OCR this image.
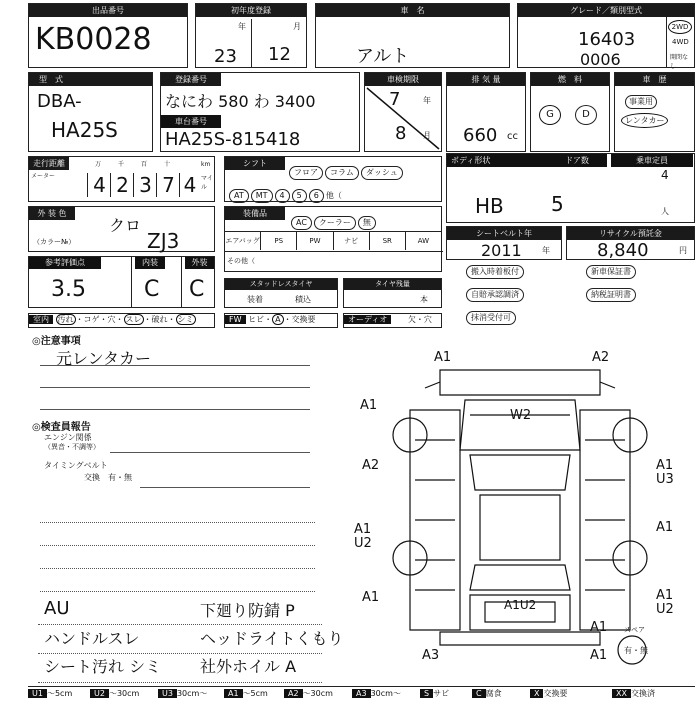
出品番号
KB0028
初年度登録
年	月
23 12
車　名
アルト
グレード／類別型式
16403
0006
2WD
4WD
開閉なし
型　式
DBA-
HA25S
登録番号
なにわ 580 わ 3400
車台番号
HA25S-815418
車検期限
7	年
8 月
排 気 量
660 cc
燃　料
G	D
車　歴
事業用
レンタカー
走行距離
メーター
万	千	百	十	km
マイル
4 2 3 7 4
シフト
フロア コラム ダッシュ
AT MT 4 5 6 他（
ボディ形状	ドア数	乗車定員
HB 5
4
人
外 装 色
クロ
（カラー№）	ZJ3
装備品
AC クーラー 無
エアバッグ	PS	PW	ナビ	SR	AW
その他（
シートベルト年
2011	年
リサイクル預託金
8,840	円
参考評価点	内装	外装
3.5	C C	スタッドレスタイヤ
装着	積込
タイヤ残量
本
搬入時着板付
自賠承認調済
抹消受付可
新車保証書
納税証明書
室内 汚れ ・コゲ・穴・ スレ ・破れ・ シミ	FW ヒビ・ A ・交換要	オーディオ	欠・穴
◎注意事項
元レンタカー
◎検査員報告
エンジン関係
（異音・不調等）
タイミングベルト
交換　有・無
AU
ハンドルスレ
シート汚れ シミ
下廻り防錆 P
ヘッドライトくもり
社外ホイル A
A1	A2
A1
A2
W2
A1
A1
U3
A1
U2
A1
U2
A1	A1U2
A1
A3	A1
スペア
有・無
U1 〜5cm	U2 〜30cm	U3 30cm〜	A1 〜5cm	A2 〜30cm	A3 30cm〜	S サビ	C 腐食	X 交換要	XX 交換済
